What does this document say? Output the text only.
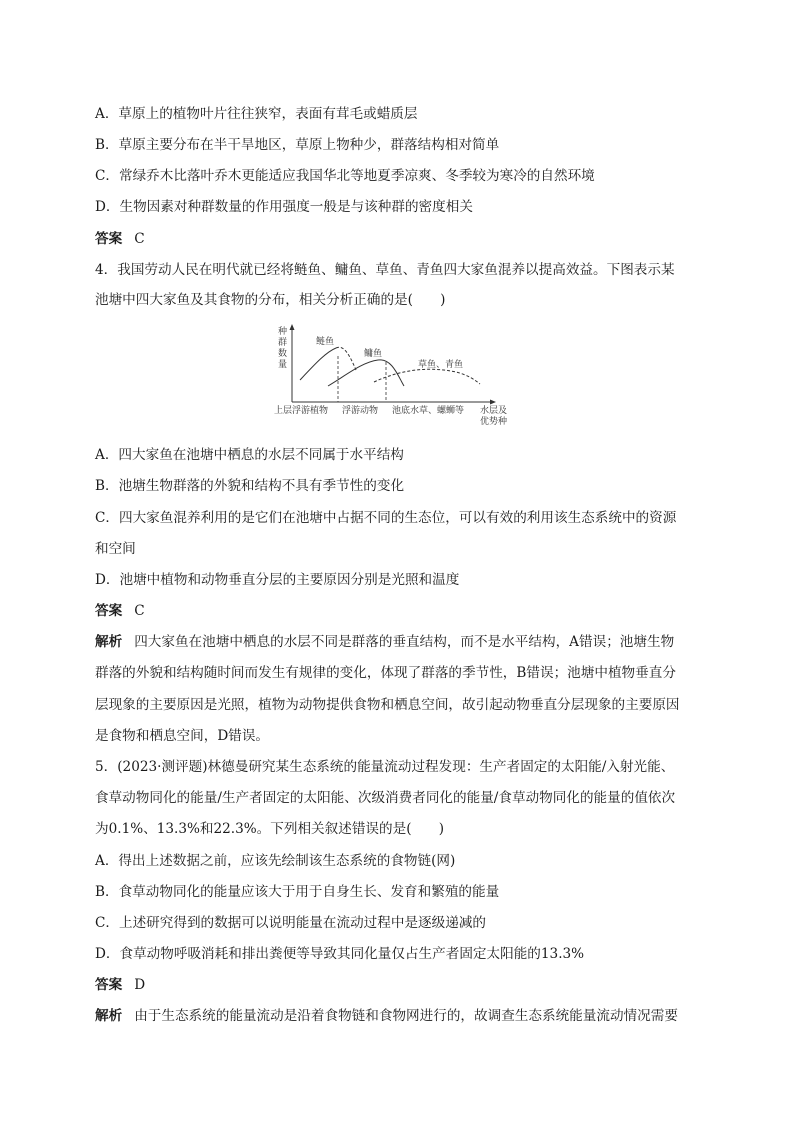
A．草原上的植物叶片往往狭窄，表面有茸毛或蜡质层
B．草原主要分布在半干旱地区，草原上物种少，群落结构相对简单
C．常绿乔木比落叶乔木更能适应我国华北等地夏季凉爽、冬季较为寒冷的自然环境
D．生物因素对种群数量的作用强度一般是与该种群的密度相关
答案 C
4．我国劳动人民在明代就已经将鲢鱼、鳙鱼、草鱼、青鱼四大家鱼混养以提高效益。下图表示某
池塘中四大家鱼及其食物的分布，相关分析正确的是(　　)
种
群
数
量
鲢鱼
鳙鱼
草鱼、青鱼
上层浮游植物 浮游动物 池底水草、螺蛳等 水层及
优势种
A．四大家鱼在池塘中栖息的水层不同属于水平结构
B．池塘生物群落的外貌和结构不具有季节性的变化
C．四大家鱼混养利用的是它们在池塘中占据不同的生态位，可以有效的利用该生态系统中的资源
和空间
D．池塘中植物和动物垂直分层的主要原因分别是光照和温度
答案 C
解析 四大家鱼在池塘中栖息的水层不同是群落的垂直结构，而不是水平结构，A错误；池塘生物
群落的外貌和结构随时间而发生有规律的变化，体现了群落的季节性，B错误；池塘中植物垂直分
层现象的主要原因是光照，植物为动物提供食物和栖息空间，故引起动物垂直分层现象的主要原因
是食物和栖息空间，D错误。
5．(2023·测评题)林德曼研究某生态系统的能量流动过程发现：生产者固定的太阳能/入射光能、
食草动物同化的能量/生产者固定的太阳能、次级消费者同化的能量/食草动物同化的能量的值依次
为0.1%、13.3%和22.3%。下列相关叙述错误的是(　　)
A．得出上述数据之前，应该先绘制该生态系统的食物链(网)
B．食草动物同化的能量应该大于用于自身生长、发育和繁殖的能量
C．上述研究得到的数据可以说明能量在流动过程中是逐级递减的
D．食草动物呼吸消耗和排出粪便等导致其同化量仅占生产者固定太阳能的13.3%
答案 D
解析 由于生态系统的能量流动是沿着食物链和食物网进行的，故调查生态系统能量流动情况需要
